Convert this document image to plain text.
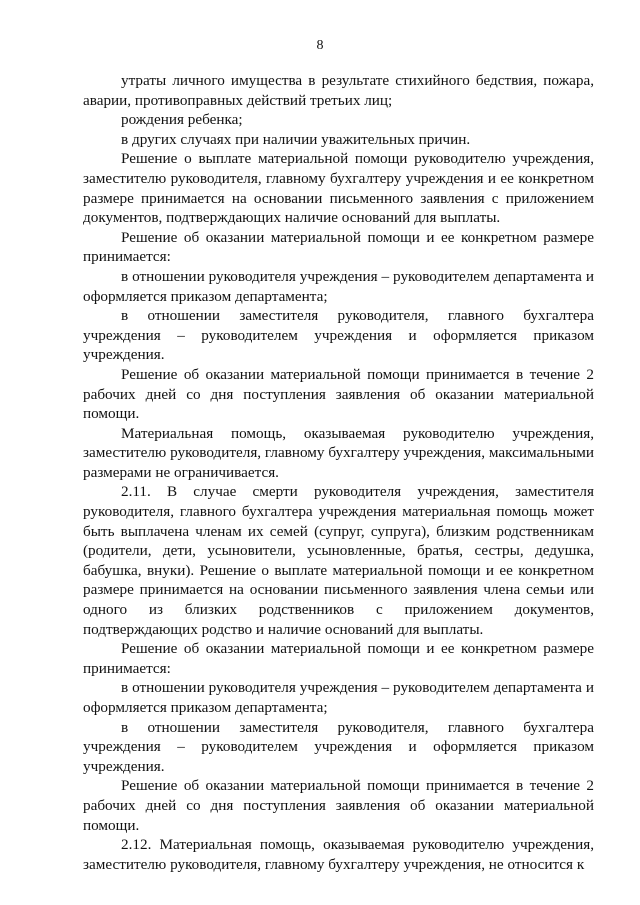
8

утраты личного имущества в результате стихийного бедствия, пожара, аварии, противоправных действий третьих лиц;

рождения ребенка;

в других случаях при наличии уважительных причин.

Решение о выплате материальной помощи руководителю учреждения, заместителю руководителя, главному бухгалтеру учреждения и ее конкретном размере принимается на основании письменного заявления с приложением документов, подтверждающих наличие оснований для выплаты.

Решение об оказании материальной помощи и ее конкретном размере принимается:

в отношении руководителя учреждения – руководителем департамента и оформляется приказом департамента;

в отношении заместителя руководителя, главного бухгалтера учреждения – руководителем учреждения и оформляется приказом учреждения.

Решение об оказании материальной помощи принимается в течение 2 рабочих дней со дня поступления заявления об оказании материальной помощи.

Материальная помощь, оказываемая руководителю учреждения, заместителю руководителя, главному бухгалтеру учреждения, максимальными размерами не ограничивается.

2.11. В случае смерти руководителя учреждения, заместителя руководителя, главного бухгалтера учреждения материальная помощь может быть выплачена членам их семей (супруг, супруга), близким родственникам (родители, дети, усыновители, усыновленные, братья, сестры, дедушка, бабушка, внуки). Решение о выплате материальной помощи и ее конкретном размере принимается на основании письменного заявления члена семьи или одного из близких родственников с приложением документов, подтверждающих родство и наличие оснований для выплаты.

Решение об оказании материальной помощи и ее конкретном размере принимается:

в отношении руководителя учреждения – руководителем департамента и оформляется приказом департамента;

в отношении заместителя руководителя, главного бухгалтера учреждения – руководителем учреждения и оформляется приказом учреждения.

Решение об оказании материальной помощи принимается в течение 2 рабочих дней со дня поступления заявления об оказании материальной помощи.

2.12. Материальная помощь, оказываемая руководителю учреждения, заместителю руководителя, главному бухгалтеру учреждения, не относится к
